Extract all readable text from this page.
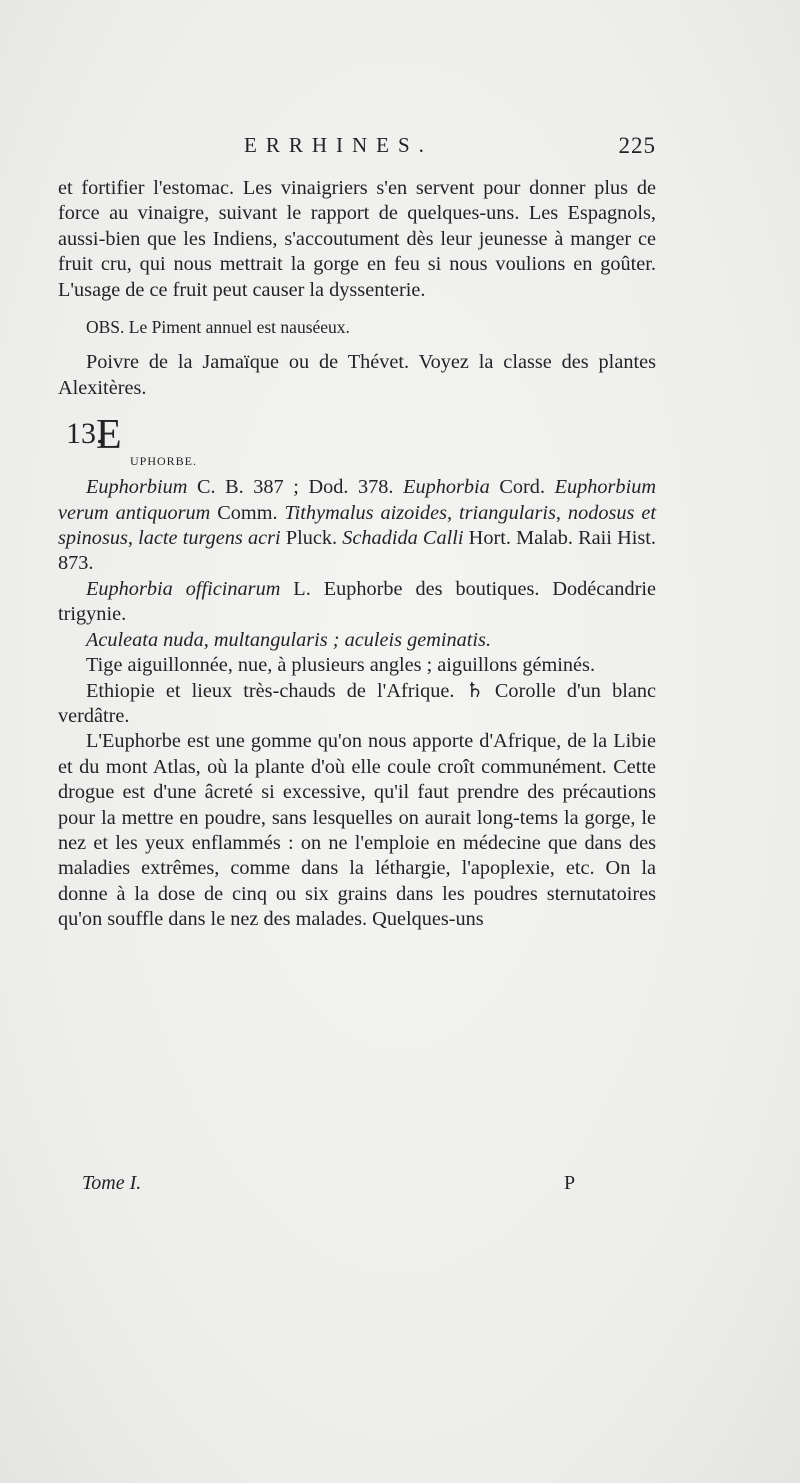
ERRHINES.	225

et fortifier l'estomac. Les vinaigriers s'en servent pour donner plus de force au vinaigre, suivant le rapport de quelques-uns. Les Espagnols, aussi-bien que les Indiens, s'accoutument dès leur jeunesse à manger ce fruit cru, qui nous mettrait la gorge en feu si nous voulions en goûter. L'usage de ce fruit peut causer la dyssenterie.

OBS. Le Piment annuel est nauséeux.

Poivre de la Jamaïque ou de Thévet. Voyez la classe des plantes Alexitères.

13.
E
UPHORBE.

Euphorbium C. B. 387 ; Dod. 378. Euphorbia Cord. Euphorbium verum antiquorum Comm. Tithymalus aizoides, triangularis, nodosus et spinosus, lacte turgens acri Pluck. Schadida Calli Hort. Malab. Raii Hist. 873.

Euphorbia officinarum L. Euphorbe des boutiques. Dodécandrie trigynie.

Aculeata nuda, multangularis ; aculeis geminatis.

Tige aiguillonnée, nue, à plusieurs angles ; aiguillons géminés.

Ethiopie et lieux très-chauds de l'Afrique. ♄ Corolle d'un blanc verdâtre.

L'Euphorbe est une gomme qu'on nous apporte d'Afrique, de la Libie et du mont Atlas, où la plante d'où elle coule croît communément. Cette drogue est d'une âcreté si excessive, qu'il faut prendre des précautions pour la mettre en poudre, sans lesquelles on aurait long-tems la gorge, le nez et les yeux enflammés : on ne l'emploie en médecine que dans des maladies extrêmes, comme dans la léthargie, l'apoplexie, etc. On la donne à la dose de cinq ou six grains dans les poudres sternutatoires qu'on souffle dans le nez des malades. Quelques-uns

Tome I.	P
